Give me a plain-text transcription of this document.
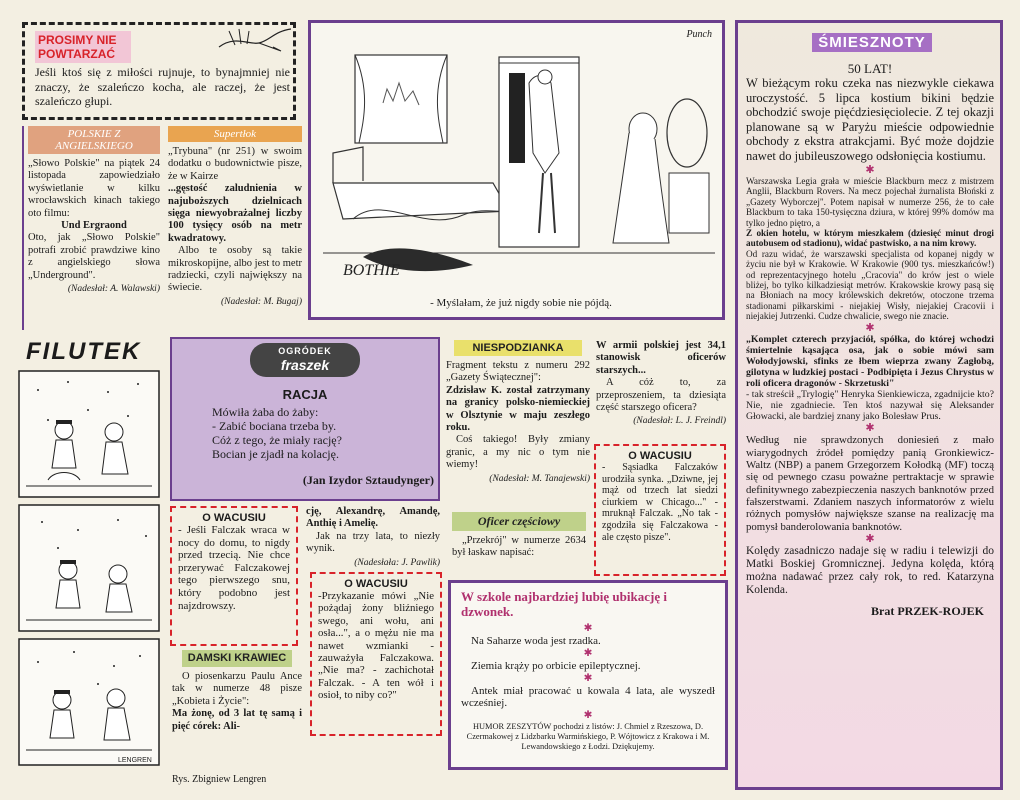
PROSIMY NIE POWTARZAĆ

Jeśli ktoś się z miłości rujnuje, to bynajmniej nie znaczy, że szaleńczo kocha, ale raczej, że jest szaleńczo głupi.

POLSKIE Z ANGIELSKIEGO

„Słowo Polskie" na piątek 24 listopada zapowiedziało wyświetlanie w kilku wrocławskich kinach takiego oto filmu:

Und Ergraond

Oto, jak „Słowo Polskie" potrafi zrobić prawdziwe kino z angielskiego słowa „Underground".

(Nadesłał: A. Walawski)
Supertłok

„Trybuna" (nr 251) w swoim dodatku o budownictwie pisze, że w Kairze

...gęstość zaludnienia w najuboższych dzielnicach sięga niewyobrażalnej liczby 100 tysięcy osób na metr kwadratowy.

Albo te osoby są takie mikroskopijne, albo jest to metr radziecki, czyli największy na świecie.

(Nadesłał: M. Bugaj)
Punch
BOTHIE
- Myślałam, że już nigdy sobie nie pójdą.
ŚMIESZNOTY

50 LAT!

W bieżącym roku czeka nas niezwykle ciekawa uroczystość. 5 lipca kostium bikini będzie obchodzić swoje pięćdziesięciolecie. Z tej okazji planowane są w Paryżu mieście odpowiednie obchody z ekstra atrakcjami. Być może dojdzie nawet do jubileuszowego odsłonięcia kostiumu.

✱

Warszawska Legia grała w mieście Blackburn mecz z mistrzem Anglii, Blackburn Rovers. Na mecz pojechał żurnalista Błoński z „Gazety Wyborczej". Potem napisał w numerze 256, że to całe Blackburn to taka 150-tysięczna dziura, w której 99% domów ma tylko jedno piętro, a

Z okien hotelu, w którym mieszkałem (dziesięć minut drogi autobusem od stadionu), widać pastwisko, a na nim krowy.

Od razu widać, że warszawski specjalista od kopanej nigdy w życiu nie był w Krakowie. W Krakowie (900 tys. mieszkańców!) od reprezentacyjnego hotelu „Cracovia" do krów jest o wiele bliżej, bo tylko kilkadziesiąt metrów. Krakowskie krowy pasą się na Błoniach na mocy królewskich dekretów, otoczone trzema stadionami piłkarskimi - niejakiej Wisły, niejakiej Cracovii i niejakiej Jutrzenki. Cudze chwalicie, swego nie znacie.

✱

„Komplet czterech przyjaciół, spółka, do której wchodzi śmiertelnie kąsająca osa, jak o sobie mówi sam Wołodyjowski, sfinks ze łbem wieprza zwany Zagłobą, gilotyna w ludzkiej postaci - Podbipięta i Jezus Chrystus w roli oficera dragonów - Skrzetuski"

- tak streścił „Trylogię" Henryka Sienkiewicza, zgadnijcie kto? Nie, nie zgadniecie. Ten ktoś nazywał się Aleksander Głowacki, ale bardziej znany jako Bolesław Prus.

✱

Według nie sprawdzonych doniesień z mało wiarygodnych źródeł pomiędzy panią Gronkiewicz-Waltz (NBP) a panem Grzegorzem Kołodką (MF) toczą się od pewnego czasu poważne pertraktacje w sprawie definitywnego zabezpieczenia naszych banknotów przed fałszerstwami. Zdaniem naszych informatorów z wielu różnych pomysłów największe szanse na realizację ma pomysł banderolowania banknotów.

✱

Kolędy zasadniczo nadaje się w radiu i telewizji do Matki Boskiej Gromnicznej. Jedyna kolęda, którą można nadawać przez cały rok, to red. Katarzyna Kolenda.

Brat PRZEK-ROJEK

FILUTEK
LENGREN
Rys. Zbigniew Lengren
OGRÓDEK
fraszek
RACJA
Mówiła żaba do żaby:
- Zabić bociana trzeba by.
Cóż z tego, że miały rację?
Bocian je zjadł na kolację.
(Jan Izydor Sztaudynger)
NIESPODZIANKA

Fragment tekstu z numeru 292 „Gazety Świątecznej":

Zdzisław K. został zatrzymany na granicy polsko-niemieckiej w Olsztynie w maju zeszłego roku.

Coś takiego! Były zmiany granic, a my nic o tym nie wiemy!

(Nadesłał: M. Tanajewski)

W armii polskiej jest 34,1 stanowisk oficerów starszych...

A cóż to, za przeproszeniem, ta dziesiąta część starszego oficera?

(Nadesłał: L. J. Freindl)
O WACUSIU

- Sąsiadka Falczaków urodziła synka. „Dziwne, jej mąż od trzech lat siedzi ciurkiem w Chicago..." - mruknął Falczak. „No tak - zgodziła się Falczakowa - ale często pisze".

Oficer częściowy

„Przekrój" w numerze 2634 był łaskaw napisać:

O WACUSIU

- Jeśli Falczak wraca w nocy do domu, to nigdy przed trzecią. Nie chce przerywać Falczakowej tego pierwszego snu, który podobno jest najzdrowszy.

cję, Alexandrę, Amandę, Anthię i Amelię.

Jak na trzy lata, to niezły wynik.

(Nadesłała: J. Pawlik)
O WACUSIU

-Przykazanie mówi „Nie pożądaj żony bliźniego swego, ani wołu, ani osła...", a o mężu nie ma nawet wzmianki - zauważyła Falczakowa. „Nie ma? - zachichotał Falczak. - A ten wół i osioł, to niby co?"

DAMSKI KRAWIEC

O piosenkarzu Paulu Ance tak w numerze 48 pisze „Kobieta i Życie":

Ma żonę, od 3 lat tę samą i pięć córek: Ali-

W szkole najbardziej lubię ubikację i dzwonek.
✱

Na Saharze woda jest rzadka.

✱

Ziemia krąży po orbicie epileptycznej.

✱

Antek miał pracować u kowala 4 lata, ale wyszedł wcześniej.

✱

HUMOR ZESZYTÓW pochodzi z listów: J. Chmiel z Rzeszowa, D. Czermakowej z Lidzbarku Warmińskiego, P. Wójtowicz z Krakowa i M. Lewandowskiego z Łodzi. Dziękujemy.
